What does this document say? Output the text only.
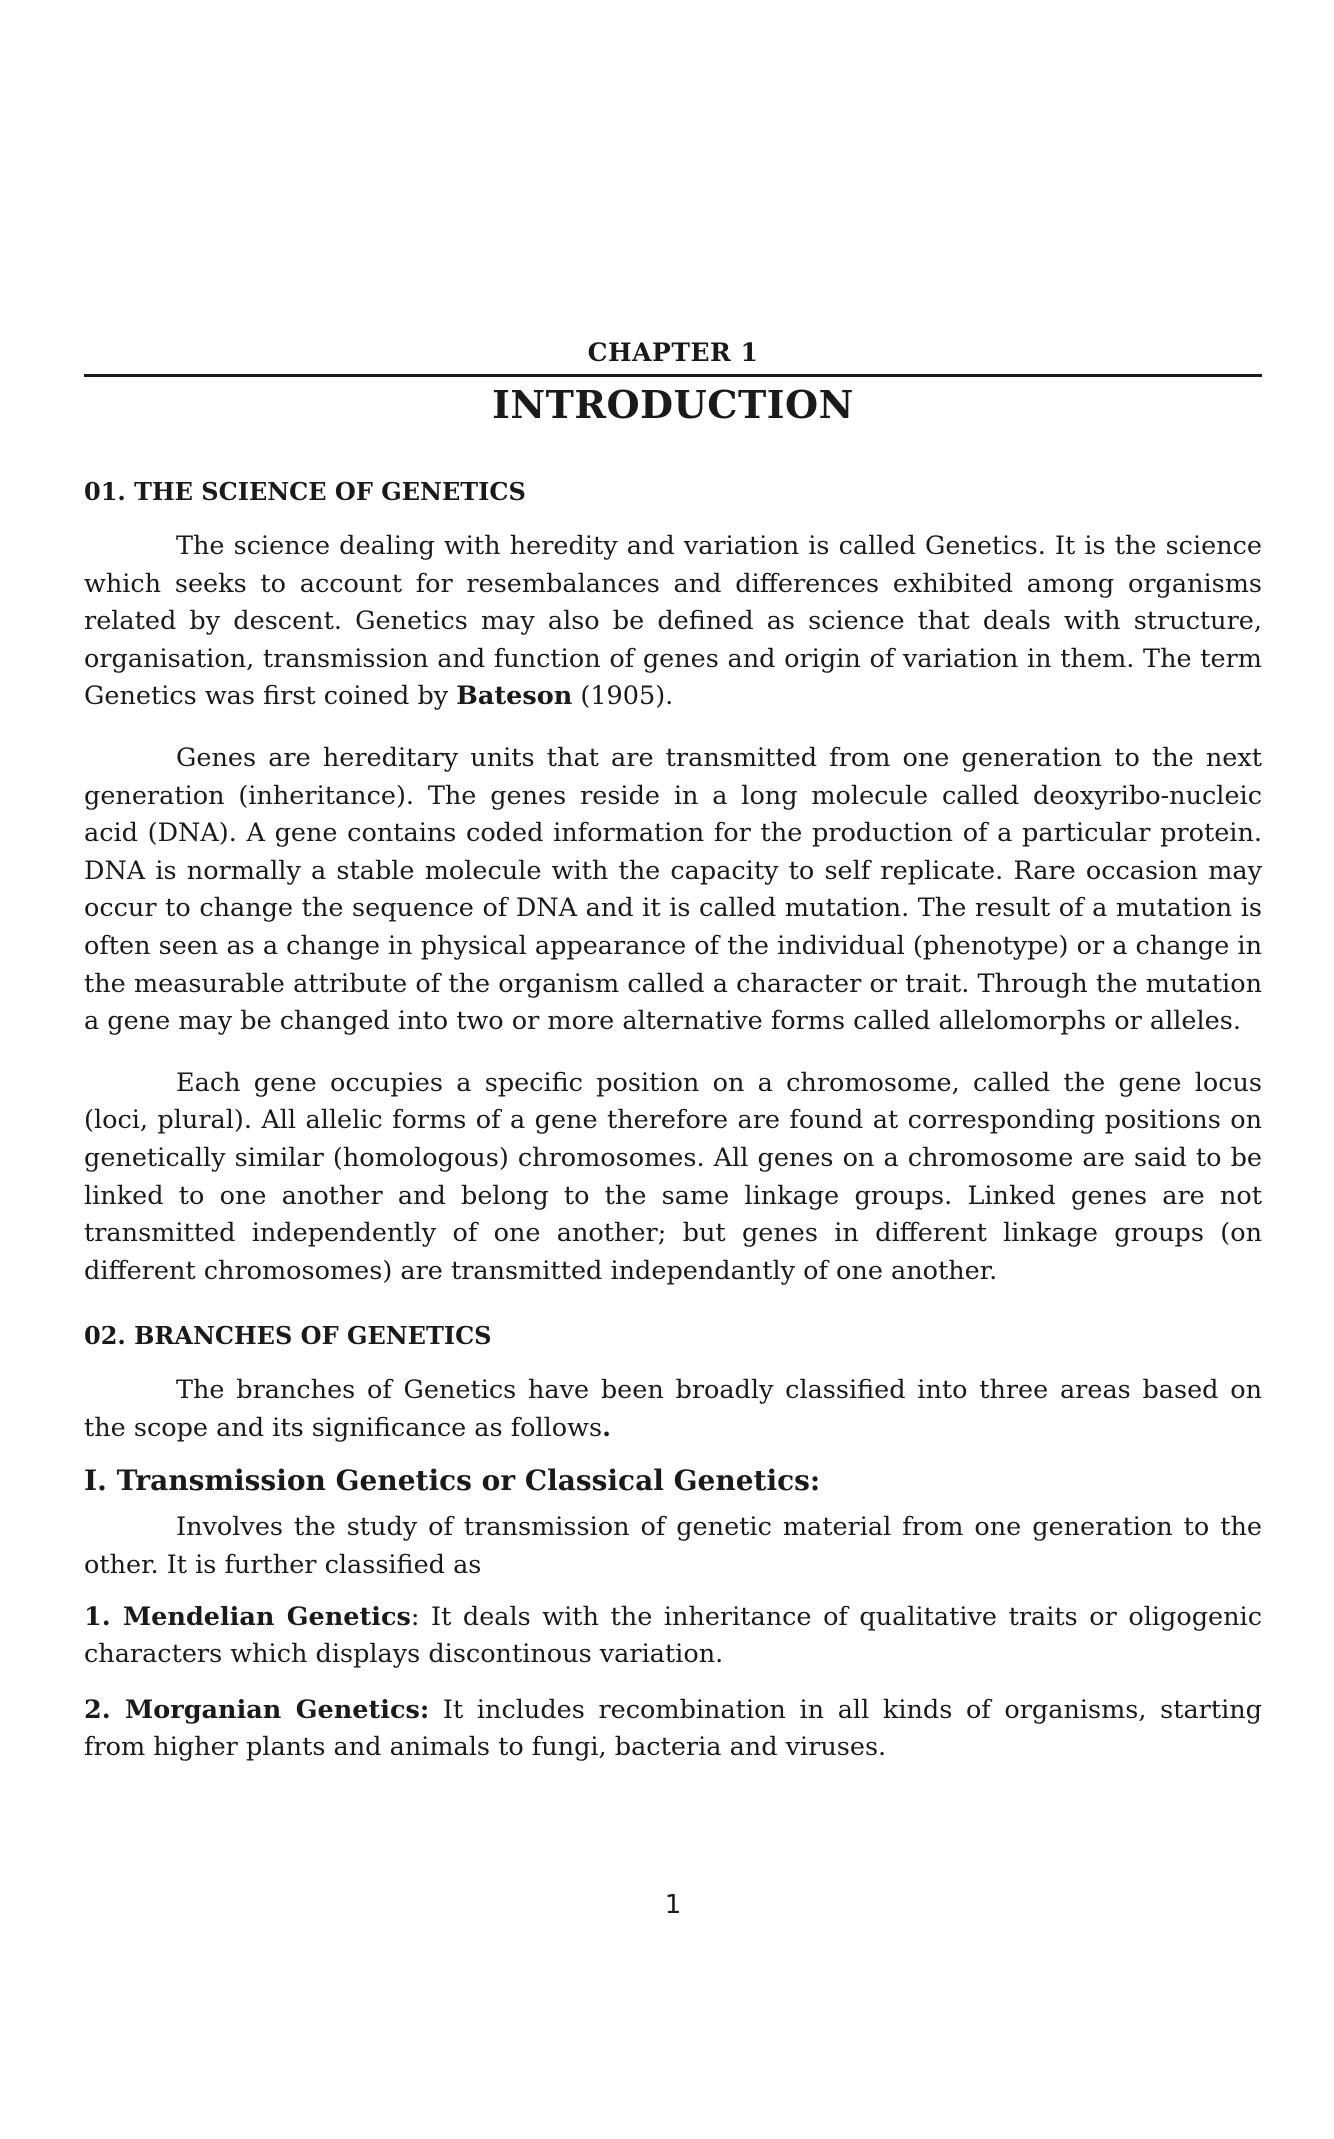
CHAPTER 1
INTRODUCTION
01. THE SCIENCE OF GENETICS

The science dealing with heredity and variation is called Genetics. It is the science which seeks to account for resembalances and differences exhibited among organisms related by descent. Genetics may also be defined as science that deals with structure, organisation, transmission and function of genes and origin of variation in them. The term Genetics was first coined by Bateson (1905).

Genes are hereditary units that are transmitted from one generation to the next generation (inheritance). The genes reside in a long molecule called deoxyribo-nucleic acid (DNA). A gene contains coded information for the production of a particular protein. DNA is normally a stable molecule with the capacity to self replicate. Rare occasion may occur to change the sequence of DNA and it is called mutation. The result of a mutation is often seen as a change in physical appearance of the individual (phenotype) or a change in the measurable attribute of the organism called a character or trait. Through the mutation a gene may be changed into two or more alternative forms called allelomorphs or alleles.

Each gene occupies a specific position on a chromosome, called the gene locus (loci, plural). All allelic forms of a gene therefore are found at corresponding positions on genetically similar (homologous) chromosomes. All genes on a chromosome are said to be linked to one another and belong to the same linkage groups. Linked genes are not transmitted independently of one another; but genes in different linkage groups (on different chromosomes) are transmitted independantly of one another.

02. BRANCHES OF GENETICS

The branches of Genetics have been broadly classified into three areas based on the scope and its significance as follows.

I. Transmission Genetics or Classical Genetics:

Involves the study of transmission of genetic material from one generation to the other. It is further classified as

1. Mendelian Genetics: It deals with the inheritance of qualitative traits or oligogenic characters which displays discontinous variation.

2. Morganian Genetics: It includes recombination in all kinds of organisms, starting from higher plants and animals to fungi, bacteria and viruses.

1
